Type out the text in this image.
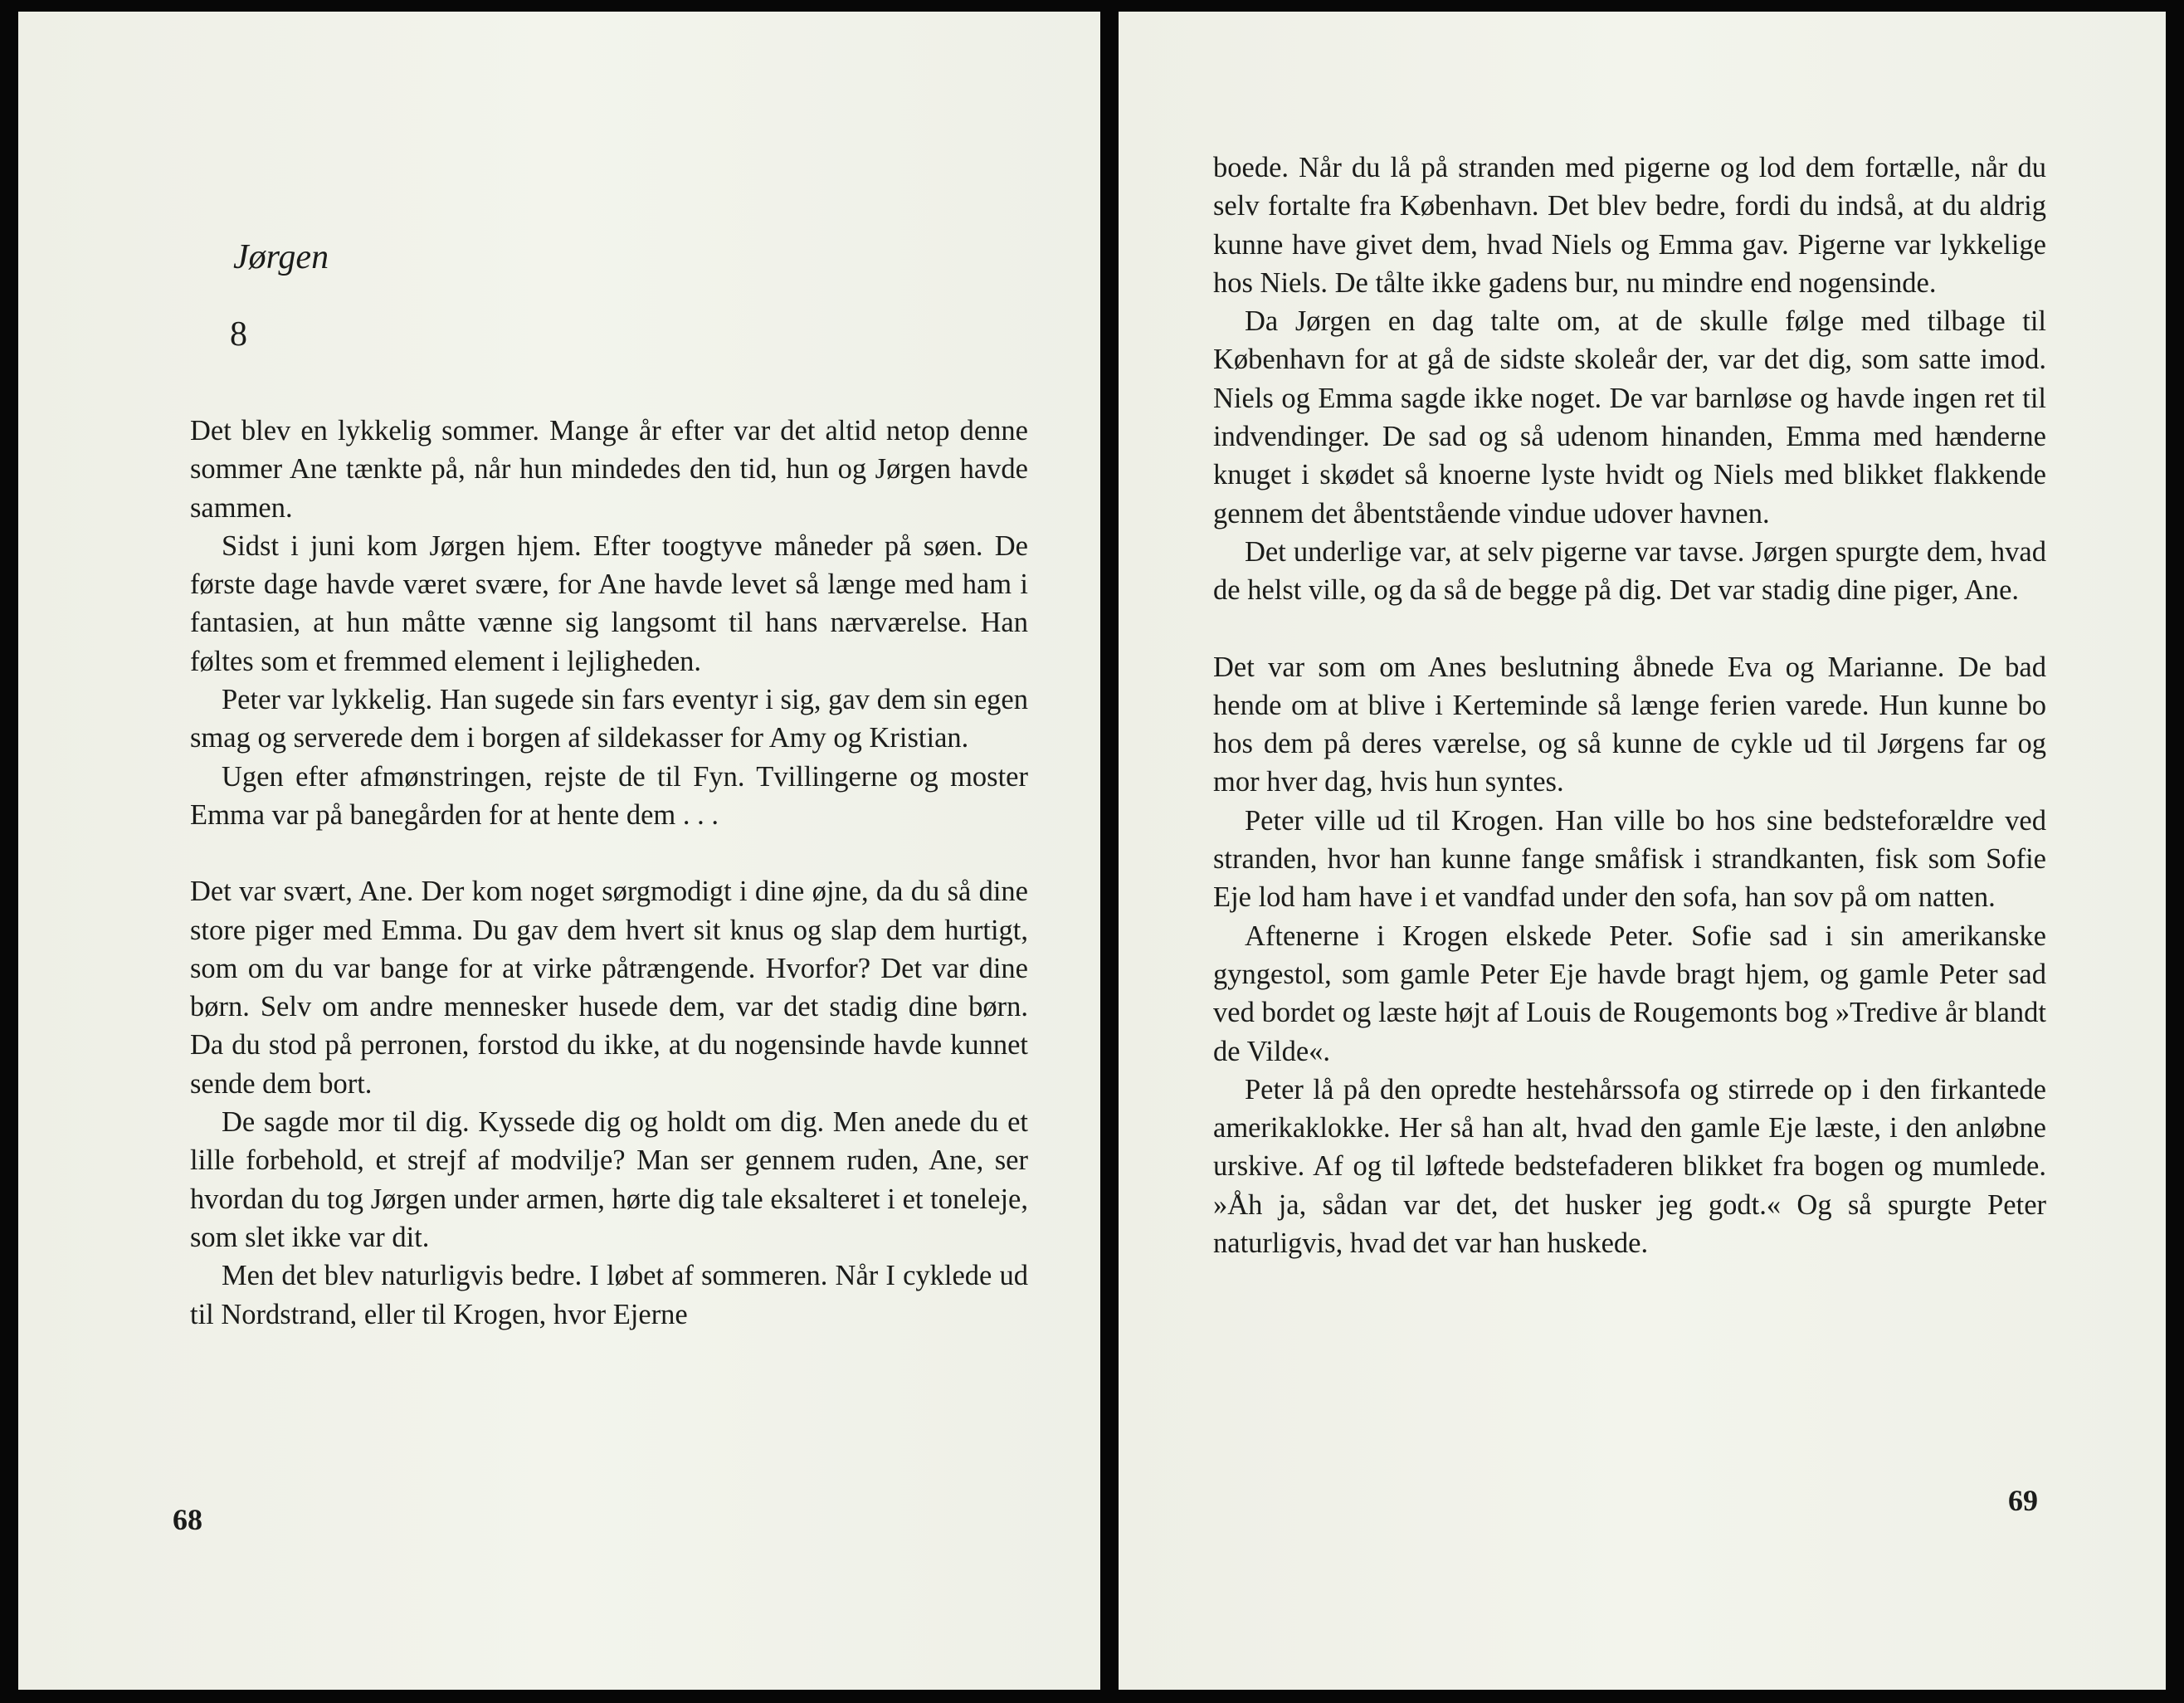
Jørgen
8

Det blev en lykkelig sommer. Mange år efter var det altid netop denne sommer Ane tænkte på, når hun mindedes den tid, hun og Jørgen havde sammen.

Sidst i juni kom Jørgen hjem. Efter toogtyve måneder på søen. De første dage havde været svære, for Ane havde levet så længe med ham i fantasien, at hun måtte vænne sig langsomt til hans nærværelse. Han føltes som et fremmed element i lejligheden.

Peter var lykkelig. Han sugede sin fars eventyr i sig, gav dem sin egen smag og serverede dem i borgen af sildekasser for Amy og Kristian.

Ugen efter afmønstringen, rejste de til Fyn. Tvillingerne og moster Emma var på banegården for at hente dem . . .

Det var svært, Ane. Der kom noget sørgmodigt i dine øjne, da du så dine store piger med Emma. Du gav dem hvert sit knus og slap dem hurtigt, som om du var bange for at virke påtrængende. Hvorfor? Det var dine børn. Selv om andre mennesker husede dem, var det stadig dine børn. Da du stod på perronen, forstod du ikke, at du nogensinde havde kunnet sende dem bort.

De sagde mor til dig. Kyssede dig og holdt om dig. Men anede du et lille forbehold, et strejf af modvilje? Man ser gennem ruden, Ane, ser hvordan du tog Jørgen under armen, hørte dig tale eksalteret i et toneleje, som slet ikke var dit.

Men det blev naturligvis bedre. I løbet af sommeren. Når I cyklede ud til Nordstrand, eller til Krogen, hvor Ejerne

68

boede. Når du lå på stranden med pigerne og lod dem fortælle, når du selv fortalte fra København. Det blev bedre, fordi du indså, at du aldrig kunne have givet dem, hvad Niels og Emma gav. Pigerne var lykkelige hos Niels. De tålte ikke gadens bur, nu mindre end nogensinde.

Da Jørgen en dag talte om, at de skulle følge med tilbage til København for at gå de sidste skoleår der, var det dig, som satte imod. Niels og Emma sagde ikke noget. De var barnløse og havde ingen ret til indvendinger. De sad og så udenom hinanden, Emma med hænderne knuget i skødet så knoerne lyste hvidt og Niels med blikket flakkende gennem det åbentstående vindue udover havnen.

Det underlige var, at selv pigerne var tavse. Jørgen spurgte dem, hvad de helst ville, og da så de begge på dig. Det var stadig dine piger, Ane.

Det var som om Anes beslutning åbnede Eva og Marianne. De bad hende om at blive i Kerteminde så længe ferien varede. Hun kunne bo hos dem på deres værelse, og så kunne de cykle ud til Jørgens far og mor hver dag, hvis hun syntes.

Peter ville ud til Krogen. Han ville bo hos sine bedsteforældre ved stranden, hvor han kunne fange småfisk i strandkanten, fisk som Sofie Eje lod ham have i et vandfad under den sofa, han sov på om natten.

Aftenerne i Krogen elskede Peter. Sofie sad i sin amerikanske gyngestol, som gamle Peter Eje havde bragt hjem, og gamle Peter sad ved bordet og læste højt af Louis de Rougemonts bog »Tredive år blandt de Vilde«.

Peter lå på den opredte hestehårssofa og stirrede op i den firkantede amerikaklokke. Her så han alt, hvad den gamle Eje læste, i den anløbne urskive. Af og til løftede bedstefaderen blikket fra bogen og mumlede. »Åh ja, sådan var det, det husker jeg godt.« Og så spurgte Peter naturligvis, hvad det var han huskede.

69
